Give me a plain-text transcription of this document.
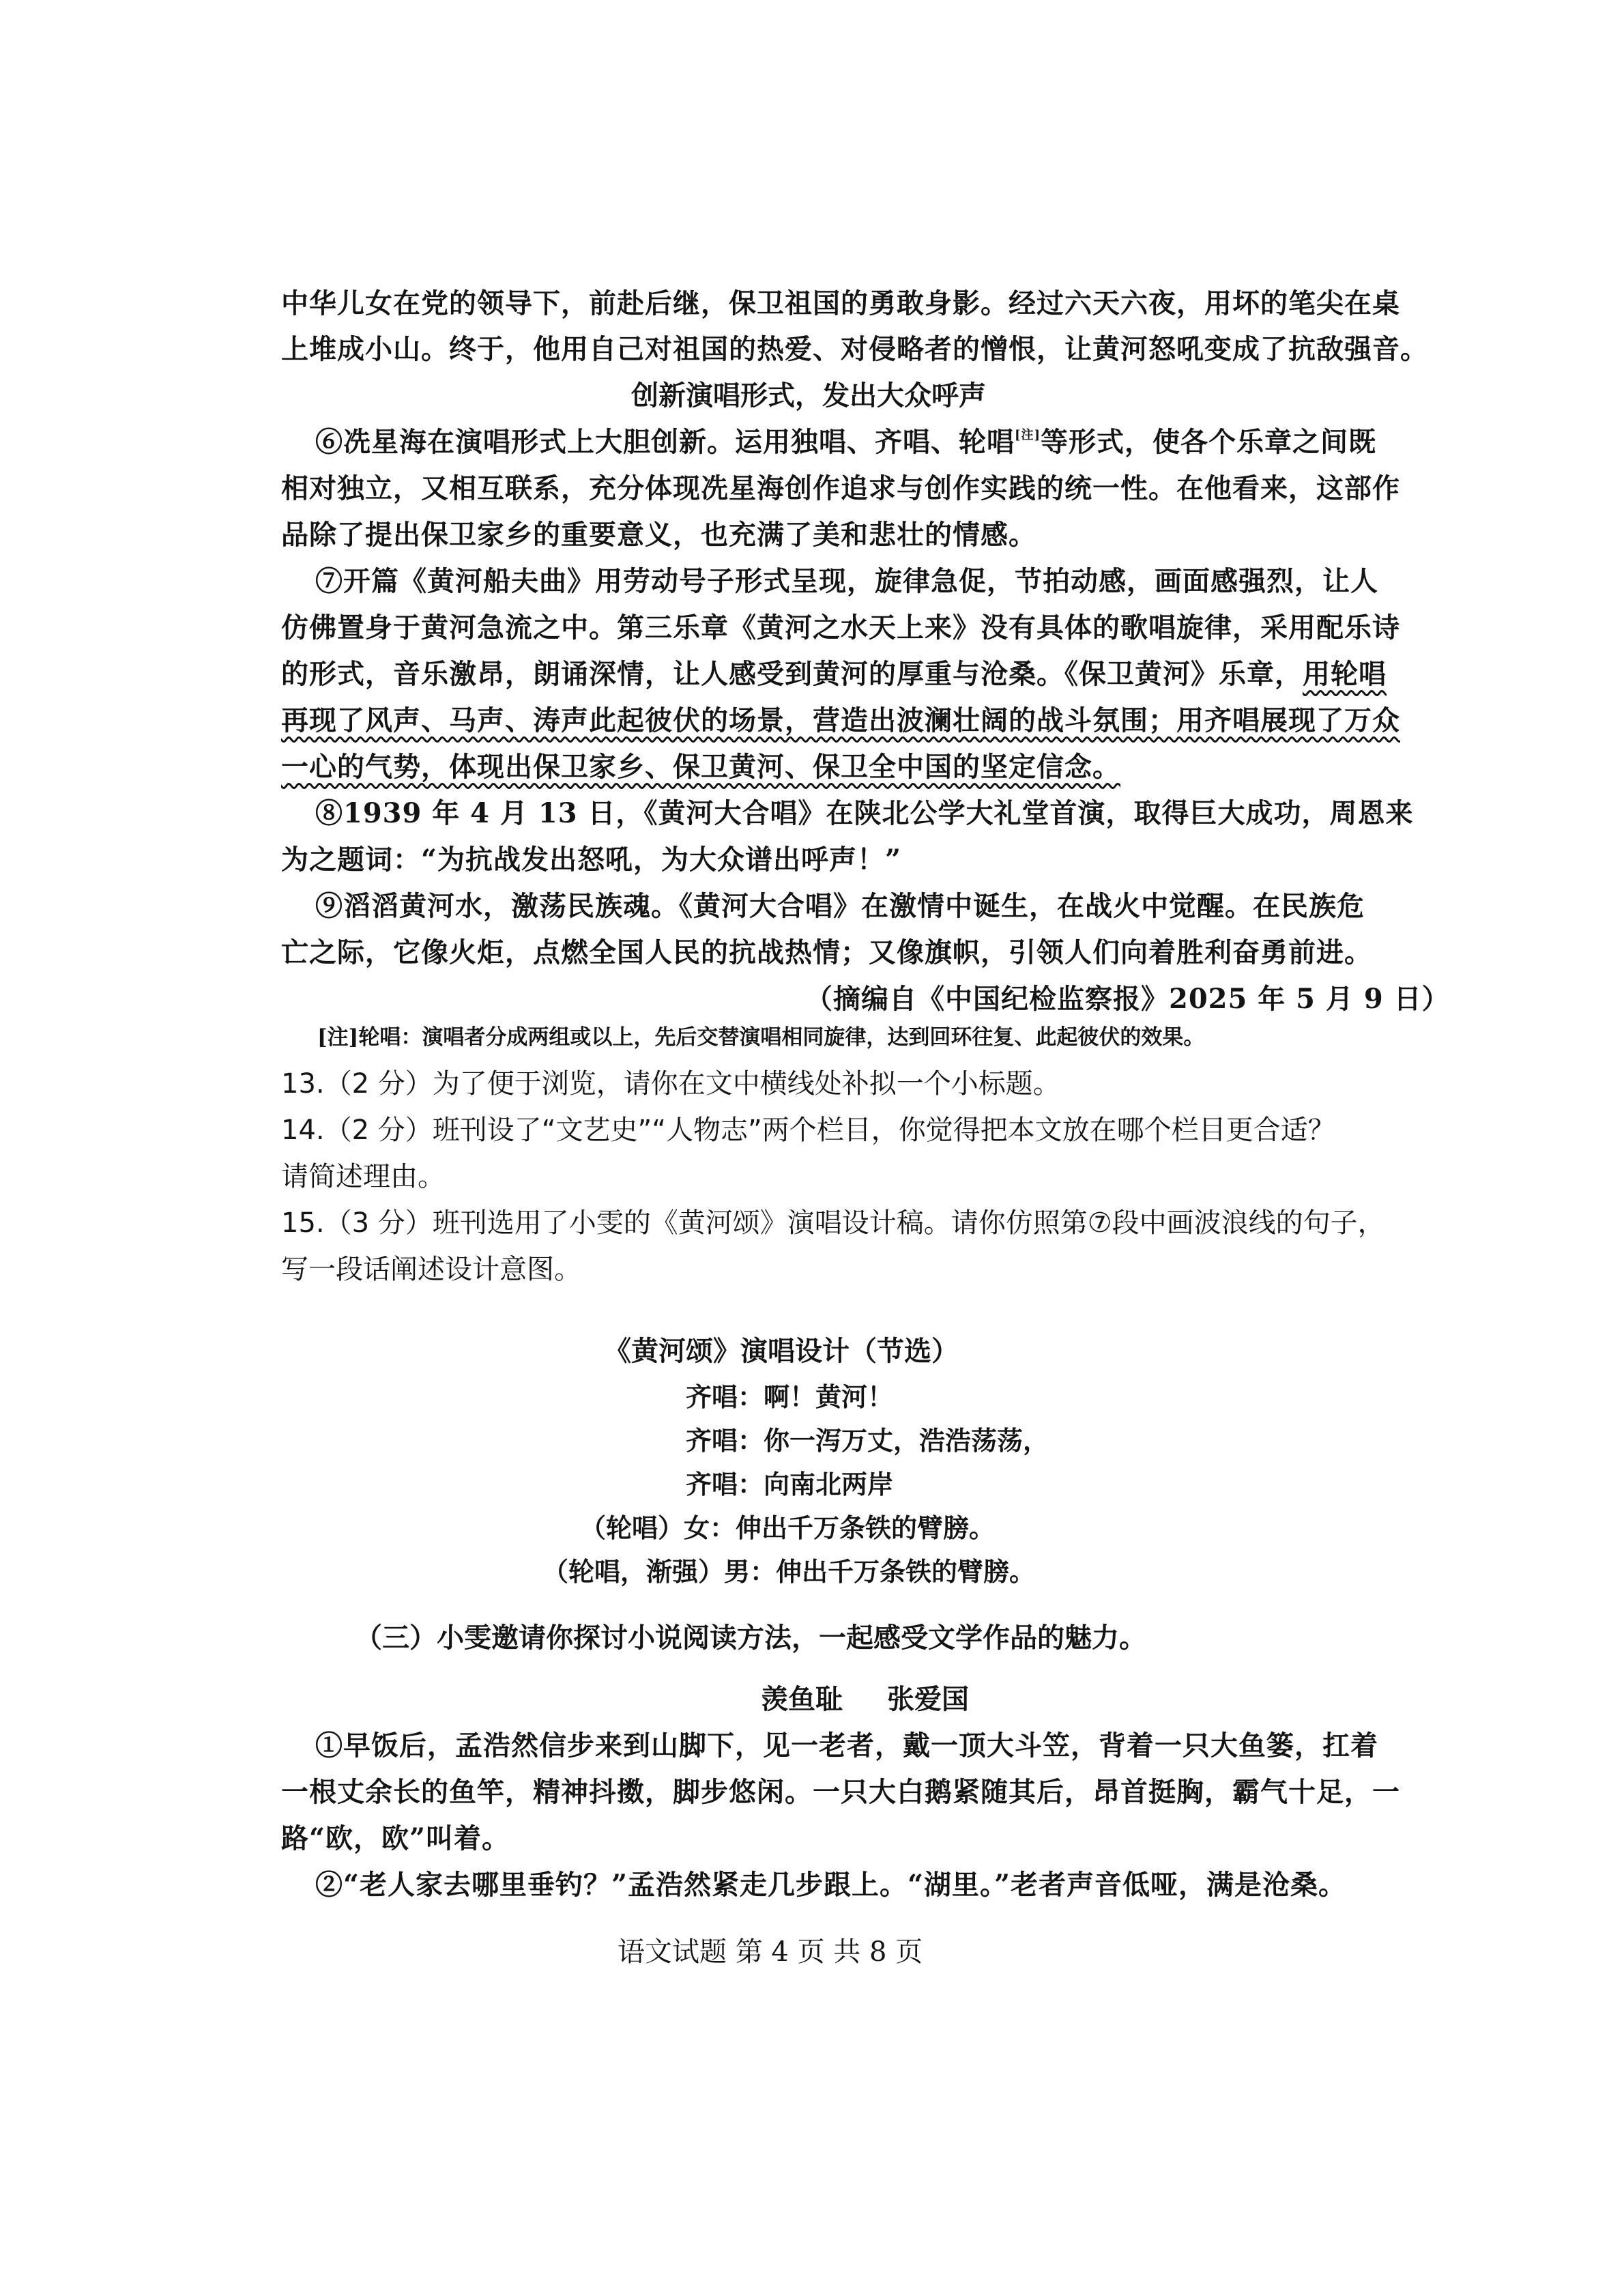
中华儿女在党的领导下，前赴后继，保卫祖国的勇敢身影。经过六天六夜，用坏的笔尖在桌
上堆成小山。终于，他用自己对祖国的热爱、对侵略者的憎恨，让黄河怒吼变成了抗敌强音。
创新演唱形式，发出大众呼声
⑥冼星海在演唱形式上大胆创新。运用独唱、齐唱、轮唱[注]等形式，使各个乐章之间既
相对独立，又相互联系，充分体现冼星海创作追求与创作实践的统一性。在他看来，这部作
品除了提出保卫家乡的重要意义，也充满了美和悲壮的情感。
⑦开篇《黄河船夫曲》用劳动号子形式呈现，旋律急促，节拍动感，画面感强烈，让人
仿佛置身于黄河急流之中。第三乐章《黄河之水天上来》没有具体的歌唱旋律，采用配乐诗
的形式，音乐激昂，朗诵深情，让人感受到黄河的厚重与沧桑。《保卫黄河》乐章，用轮唱
再现了风声、马声、涛声此起彼伏的场景，营造出波澜壮阔的战斗氛围；用齐唱展现了万众
一心的气势，体现出保卫家乡、保卫黄河、保卫全中国的坚定信念。
⑧1939 年 4 月 13 日，《黄河大合唱》在陕北公学大礼堂首演，取得巨大成功，周恩来
为之题词：“为抗战发出怒吼，为大众谱出呼声！”
⑨滔滔黄河水，激荡民族魂。《黄河大合唱》在激情中诞生，在战火中觉醒。在民族危
亡之际，它像火炬，点燃全国人民的抗战热情；又像旗帜，引领人们向着胜利奋勇前进。
（摘编自《中国纪检监察报》2025 年 5 月 9 日）
[注]轮唱：演唱者分成两组或以上，先后交替演唱相同旋律，达到回环往复、此起彼伏的效果。
13.（2 分）为了便于浏览，请你在文中横线处补拟一个小标题。
14.（2 分）班刊设了“文艺史”“人物志”两个栏目，你觉得把本文放在哪个栏目更合适？
请简述理由。
15.（3 分）班刊选用了小雯的《黄河颂》演唱设计稿。请你仿照第⑦段中画波浪线的句子，
写一段话阐述设计意图。
《黄河颂》演唱设计（节选）
齐唱：啊！黄河！
齐唱：你一泻万丈，浩浩荡荡，
齐唱：向南北两岸
（轮唱）女：伸出千万条铁的臂膀。
（轮唱，渐强）男：伸出千万条铁的臂膀。
（三）小雯邀请你探讨小说阅读方法，一起感受文学作品的魅力。
羡鱼耻 张爱国
①早饭后，孟浩然信步来到山脚下，见一老者，戴一顶大斗笠，背着一只大鱼篓，扛着
一根丈余长的鱼竿，精神抖擞，脚步悠闲。一只大白鹅紧随其后，昂首挺胸，霸气十足，一
路“欧，欧”叫着。
②“老人家去哪里垂钓？”孟浩然紧走几步跟上。“湖里。”老者声音低哑，满是沧桑。
语文试题 第 4 页 共 8 页
